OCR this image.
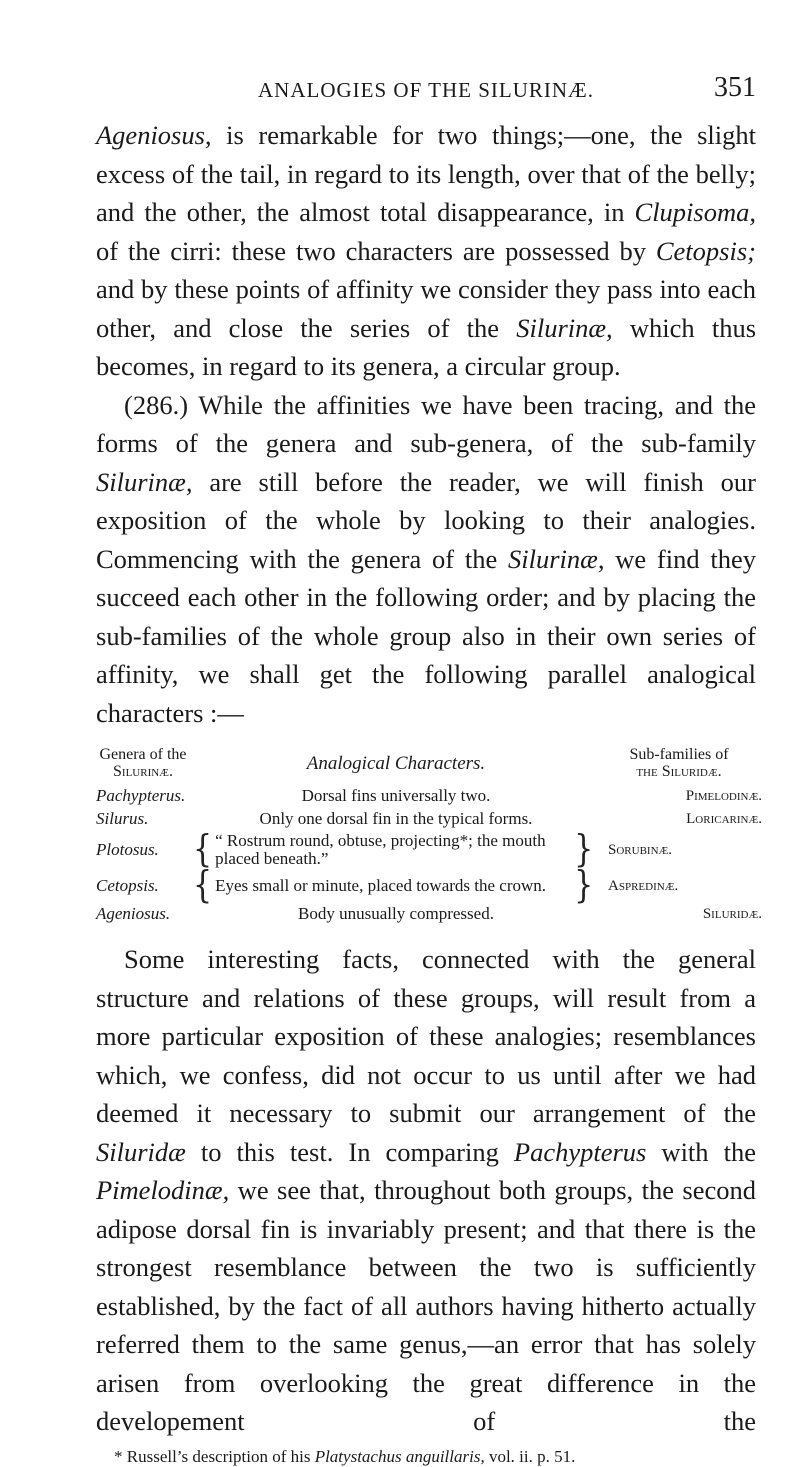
ANALOGIES OF THE SILURINÆ.	351

Ageniosus, is remarkable for two things;—one, the slight excess of the tail, in regard to its length, over that of the belly; and the other, the almost total disappearance, in Clupisoma, of the cirri: these two characters are possessed by Cetopsis; and by these points of affinity we consider they pass into each other, and close the series of the Silurinæ, which thus becomes, in regard to its genera, a circular group.

(286.) While the affinities we have been tracing, and the forms of the genera and sub-genera, of the sub-family Silurinæ, are still before the reader, we will finish our exposition of the whole by looking to their analogies. Commencing with the genera of the Silurinæ, we find they succeed each other in the following order; and by placing the sub-families of the whole group also in their own series of affinity, we shall get the following parallel analogical characters :—

Genera of the
Silurinæ.	Analogical Characters.	Sub-families of
the Siluridæ.
Pachypterus.	Dorsal fins universally two.	Pimelodinæ.
Silurus.	Only one dorsal fin in the typical forms.	Loricarinæ.
Plotosus.	{ “ Rostrum round, obtuse, projecting*; the mouth placed beneath.”	} Sorubinæ.
Cetopsis.	{ Eyes small or minute, placed towards the crown. } Aspredinæ.
Ageniosus.	Body unusually compressed.	Siluridæ.

Some interesting facts, connected with the general structure and relations of these groups, will result from a more particular exposition of these analogies; resemblances which, we confess, did not occur to us until after we had deemed it necessary to submit our arrangement of the Siluridæ to this test. In comparing Pachypterus with the Pimelodinæ, we see that, throughout both groups, the second adipose dorsal fin is invariably present; and that there is the strongest resemblance between the two is sufficiently established, by the fact of all authors having hitherto actually referred them to the same genus,—an error that has solely arisen from overlooking the great difference in the developement of the

* Russell’s description of his Platystachus anguillaris, vol. ii. p. 51.
